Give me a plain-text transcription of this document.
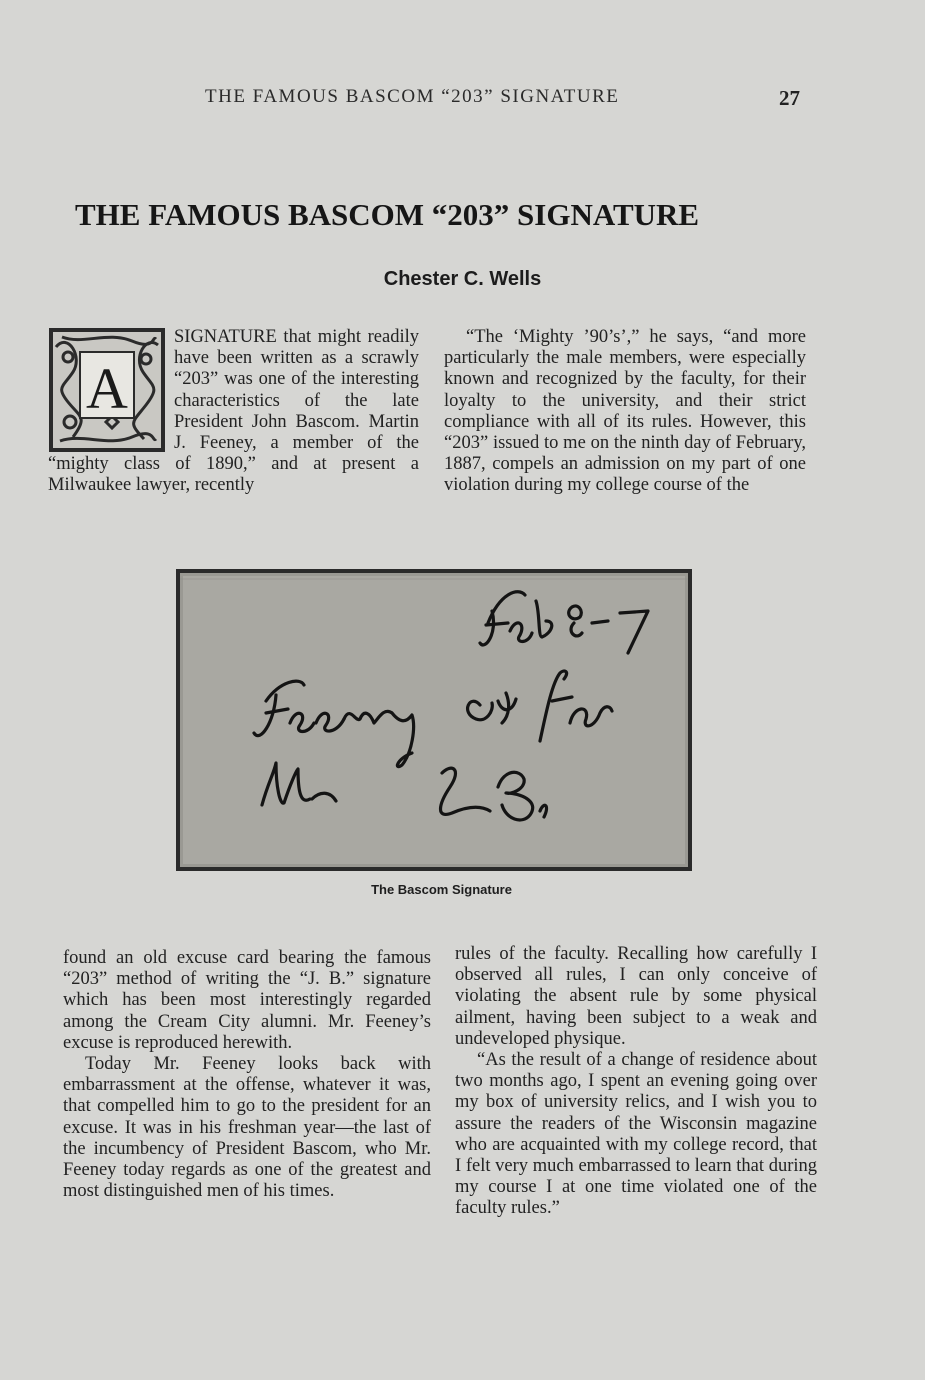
THE FAMOUS BASCOM “203” SIGNATURE	27
THE FAMOUS BASCOM “203” SIGNATURE
Chester C. Wells
A

SIGNATURE that might readily have been written as a scrawly “203” was one of the interesting characteristics of the late President John Bascom. Martin J. Feeney, a member of the “mighty class of 1890,” and at present a Milwaukee lawyer, recently

“The ‘Mighty ’90’s’,” he says, “and more particularly the male members, were especially known and recognized by the faculty, for their loyalty to the university, and their strict compliance with all of its rules. However, this “203” issued to me on the ninth day of February, 1887, compels an admission on my part of one violation during my college course of the

The Bascom Signature

found an old excuse card bearing the famous “203” method of writing the “J. B.” signature which has been most interestingly regarded among the Cream City alumni. Mr. Feeney’s excuse is reproduced herewith.

Today Mr. Feeney looks back with embarrassment at the offense, whatever it was, that compelled him to go to the president for an excuse. It was in his freshman year—the last of the incumbency of President Bascom, who Mr. Feeney today regards as one of the greatest and most distinguished men of his times.

rules of the faculty. Recalling how carefully I observed all rules, I can only conceive of violating the absent rule by some physical ailment, having been subject to a weak and undeveloped physique.

“As the result of a change of residence about two months ago, I spent an evening going over my box of university relics, and I wish you to assure the readers of the Wisconsin magazine who are acquainted with my college record, that I felt very much embarrassed to learn that during my course I at one time violated one of the faculty rules.”
